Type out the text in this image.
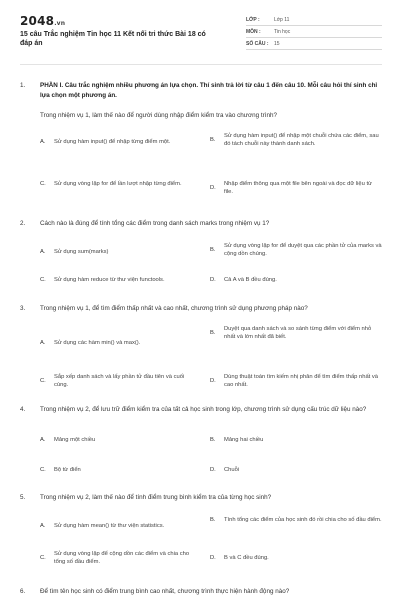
2048.vn
15 câu Trắc nghiệm Tin học 11 Kết nối tri thức Bài 18 có đáp án
LỚP :	Lớp 11
MÔN :	Tin học
SỐ CÂU :	15
1.	PHẦN I. Câu trắc nghiệm nhiều phương án lựa chọn. Thí sinh trả lời từ câu 1 đến câu 10. Mỗi câu hỏi thí sinh chỉ lựa chọn một phương án.
Trong nhiệm vụ 1, làm thế nào để người dùng nhập điểm kiểm tra vào chương trình?
A.	Sử dụng hàm input() để nhập từng điểm một.	B.
Sử dụng hàm input() để nhập một chuỗi chứa các điểm, sau đó tách chuỗi này thành danh sách.
C.	Sử dụng vòng lặp for để lần lượt nhập từng điểm.
D.
Nhập điểm thông qua một file bên ngoài và đọc dữ liệu từ file.
2.	Cách nào là đúng để tính tổng các điểm trong danh sách marks trong nhiệm vụ 1?
A.	Sử dụng sum(marks)	B.
Sử dụng vòng lặp for để duyệt qua các phần tử của marks và cộng dồn chúng.
C.	Sử dụng hàm reduce từ thư viện functools.	D.	Cả A và B đều đúng.
3.	Trong nhiệm vụ 1, để tìm điểm thấp nhất và cao nhất, chương trình sử dụng phương pháp nào?
A.	Sử dụng các hàm min() và max().
B.
Duyệt qua danh sách và so sánh từng điểm với điểm nhỏ nhất và lớn nhất đã biết.
C.
Sắp xếp danh sách và lấy phần tử đầu tiên và cuối cùng.
D.
Dùng thuật toán tìm kiếm nhị phân để tìm điểm thấp nhất và cao nhất.
4.	Trong nhiệm vụ 2, để lưu trữ điểm kiểm tra của tất cả học sinh trong lớp, chương trình sử dụng cấu trúc dữ liệu nào?
A.	Mảng một chiều	B.	Mảng hai chiều
C.	Bộ từ điển	D.	Chuỗi
5.	Trong nhiệm vụ 2, làm thế nào để tính điểm trung bình kiểm tra của từng học sinh?
A.	Sử dụng hàm mean() từ thư viện statistics.
B.	Tính tổng các điểm của học sinh đó rồi chia cho số đầu điểm.
C.
Sử dụng vòng lặp để cộng dồn các điểm và chia cho tổng số đầu điểm.
D.	B và C đều đúng.
6.	Để tìm tên học sinh có điểm trung bình cao nhất, chương trình thực hiện hành động nào?
